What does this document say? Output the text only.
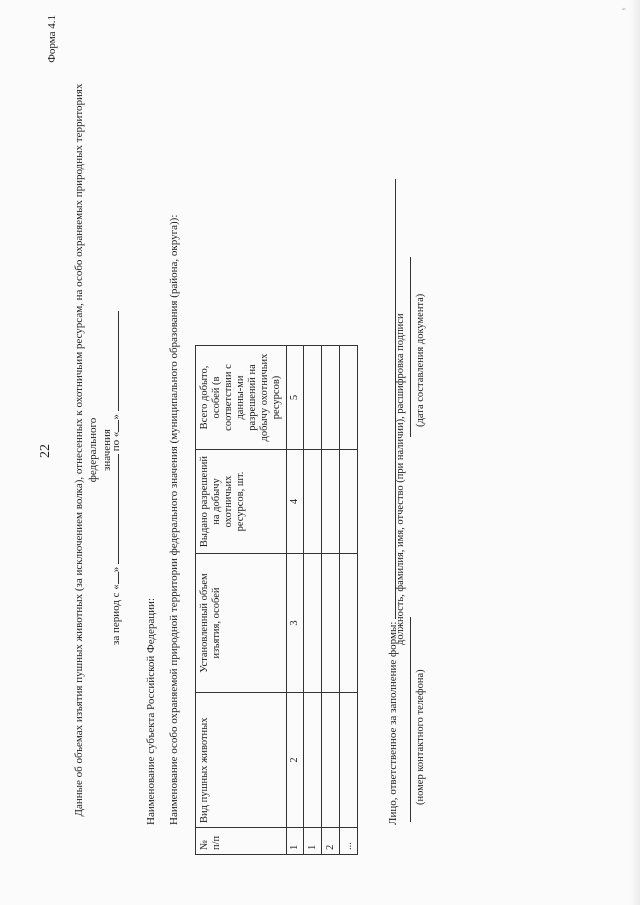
22
Форма 4.1
Данные об объемах изъятия пушных животных (за исключением волка), отнесенных к охотничьим ресурсам, на особо охраняемых природных территориях федерального значения
за период с «»  по «»
Наименование субъекта Российской Федерации: Наименование особо охраняемой природной территории федерального значения (муниципального образования (района, округа)):
№ п/п	Вид пушных животных	Установленный объем изъятия, особей	Выдано разрешений на добычу охотничьих ресурсов, шт.	Всего добыто, особей (в соответствии с данны-ми разрешений на добычу охотничьих ресурсов)
1	2	3	4	5
1				
2				
...				
Лицо, ответственное за заполнение формы:
должность, фамилия, имя, отчество (при наличии), расшифровка подписи
(номер контактного телефона)
(дата составления документа)
ʸ
